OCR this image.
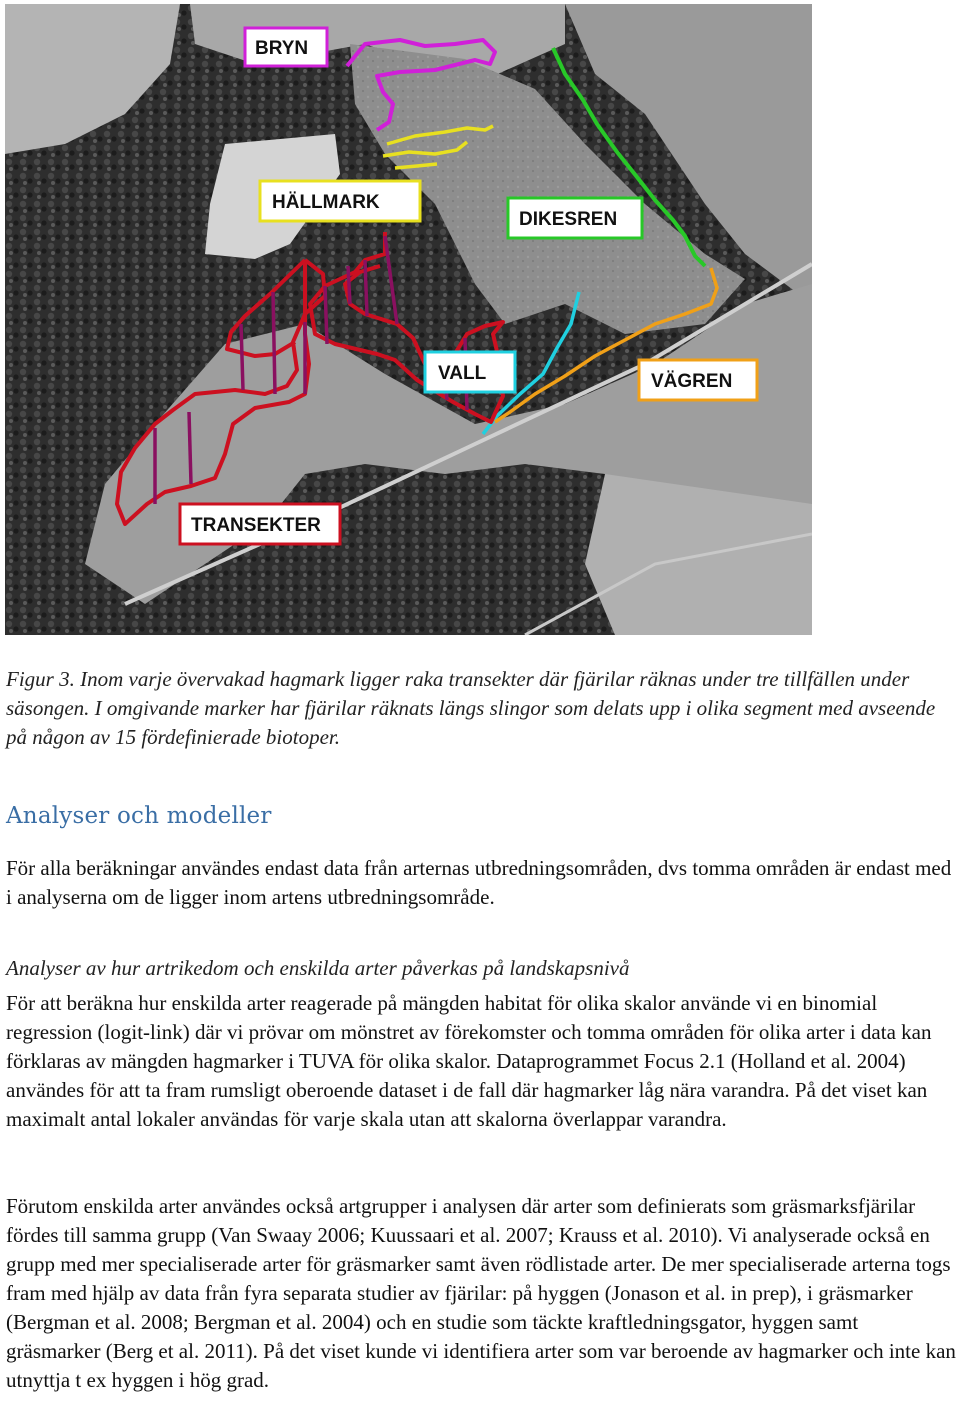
BRYN
HÄLLMARK
DIKESREN
VALL	VÄGREN
TRANSEKTER

Figur 3. Inom varje övervakad hagmark ligger raka transekter där fjärilar räknas under tre tillfällen under säsongen. I omgivande marker har fjärilar räknats längs slingor som delats upp i olika segment med avseende på någon av 15 fördefinierade biotoper.

Analyser och modeller

För alla beräkningar användes endast data från arternas utbredningsområden, dvs tomma områden är endast med i analyserna om de ligger inom artens utbredningsområde.

Analyser av hur artrikedom och enskilda arter påverkas på landskapsnivå

För att beräkna hur enskilda arter reagerade på mängden habitat för olika skalor använde vi en binomial regression (logit-link) där vi prövar om mönstret av förekomster och tomma områden för olika arter i data kan förklaras av mängden hagmarker i TUVA för olika skalor. Dataprogrammet Focus 2.1 (Holland et al. 2004) användes för att ta fram rumsligt oberoende dataset i de fall där hagmarker låg nära varandra. På det viset kan maximalt antal lokaler användas för varje skala utan att skalorna överlappar varandra.

Förutom enskilda arter användes också artgrupper i analysen där arter som definierats som gräsmarksfjärilar fördes till samma grupp (Van Swaay 2006; Kuussaari et al. 2007; Krauss et al. 2010). Vi analyserade också en grupp med mer specialiserade arter för gräsmarker samt även rödlistade arter. De mer specialiserade arterna togs fram med hjälp av data från fyra separata studier av fjärilar: på hyggen (Jonason et al. in prep), i gräsmarker (Bergman et al. 2008; Bergman et al. 2004) och en studie som täckte kraftledningsgator, hyggen samt gräsmarker (Berg et al. 2011). På det viset kunde vi identifiera arter som var beroende av hagmarker och inte kan utnyttja t ex hyggen i hög grad.
